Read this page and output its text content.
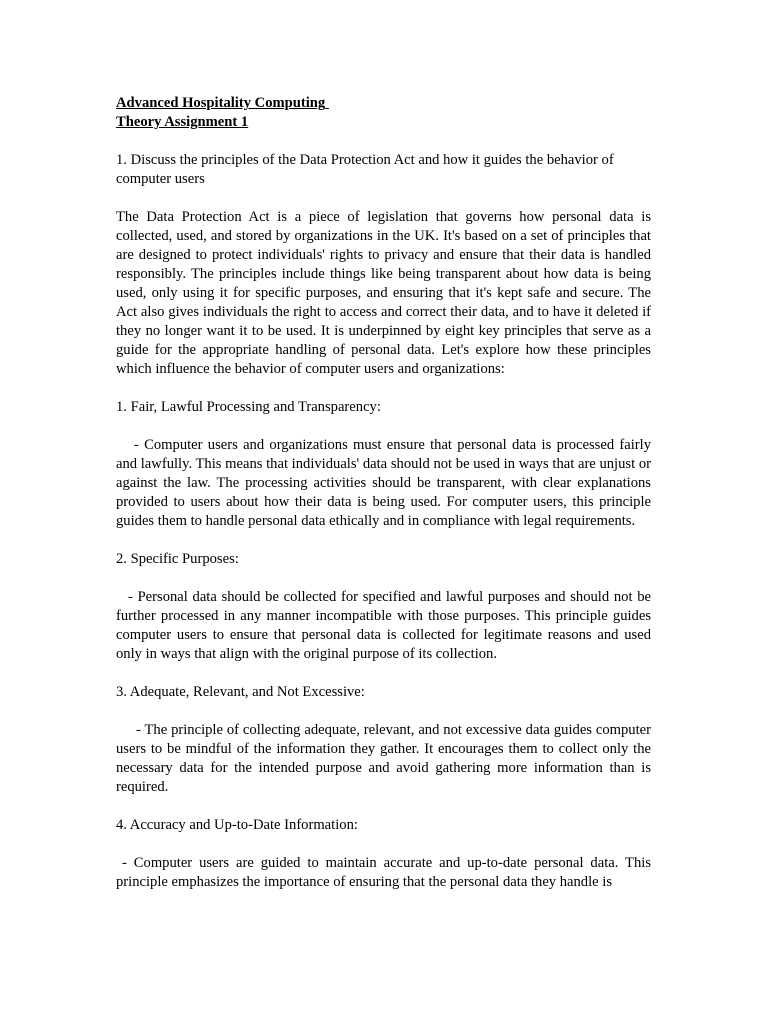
Advanced Hospitality Computing
Theory Assignment 1

1. Discuss the principles of the Data Protection Act and how it guides the behavior of computer users

The Data Protection Act is a piece of legislation that governs how personal data is collected, used, and stored by organizations in the UK. It's based on a set of principles that are designed to protect individuals' rights to privacy and ensure that their data is handled responsibly. The principles include things like being transparent about how data is being used, only using it for specific purposes, and ensuring that it's kept safe and secure. The Act also gives individuals the right to access and correct their data, and to have it deleted if they no longer want it to be used. It is underpinned by eight key principles that serve as a guide for the appropriate handling of personal data. Let's explore how these principles which influence the behavior of computer users and organizations:

1. Fair, Lawful Processing and Transparency:

- Computer users and organizations must ensure that personal data is processed fairly and lawfully. This means that individuals' data should not be used in ways that are unjust or against the law. The processing activities should be transparent, with clear explanations provided to users about how their data is being used. For computer users, this principle guides them to handle personal data ethically and in compliance with legal requirements.

2. Specific Purposes:

- Personal data should be collected for specified and lawful purposes and should not be further processed in any manner incompatible with those purposes. This principle guides computer users to ensure that personal data is collected for legitimate reasons and used only in ways that align with the original purpose of its collection.

3. Adequate, Relevant, and Not Excessive:

- The principle of collecting adequate, relevant, and not excessive data guides computer users to be mindful of the information they gather. It encourages them to collect only the necessary data for the intended purpose and avoid gathering more information than is required.

4. Accuracy and Up-to-Date Information:

- Computer users are guided to maintain accurate and up-to-date personal data. This principle emphasizes the importance of ensuring that the personal data they handle is
